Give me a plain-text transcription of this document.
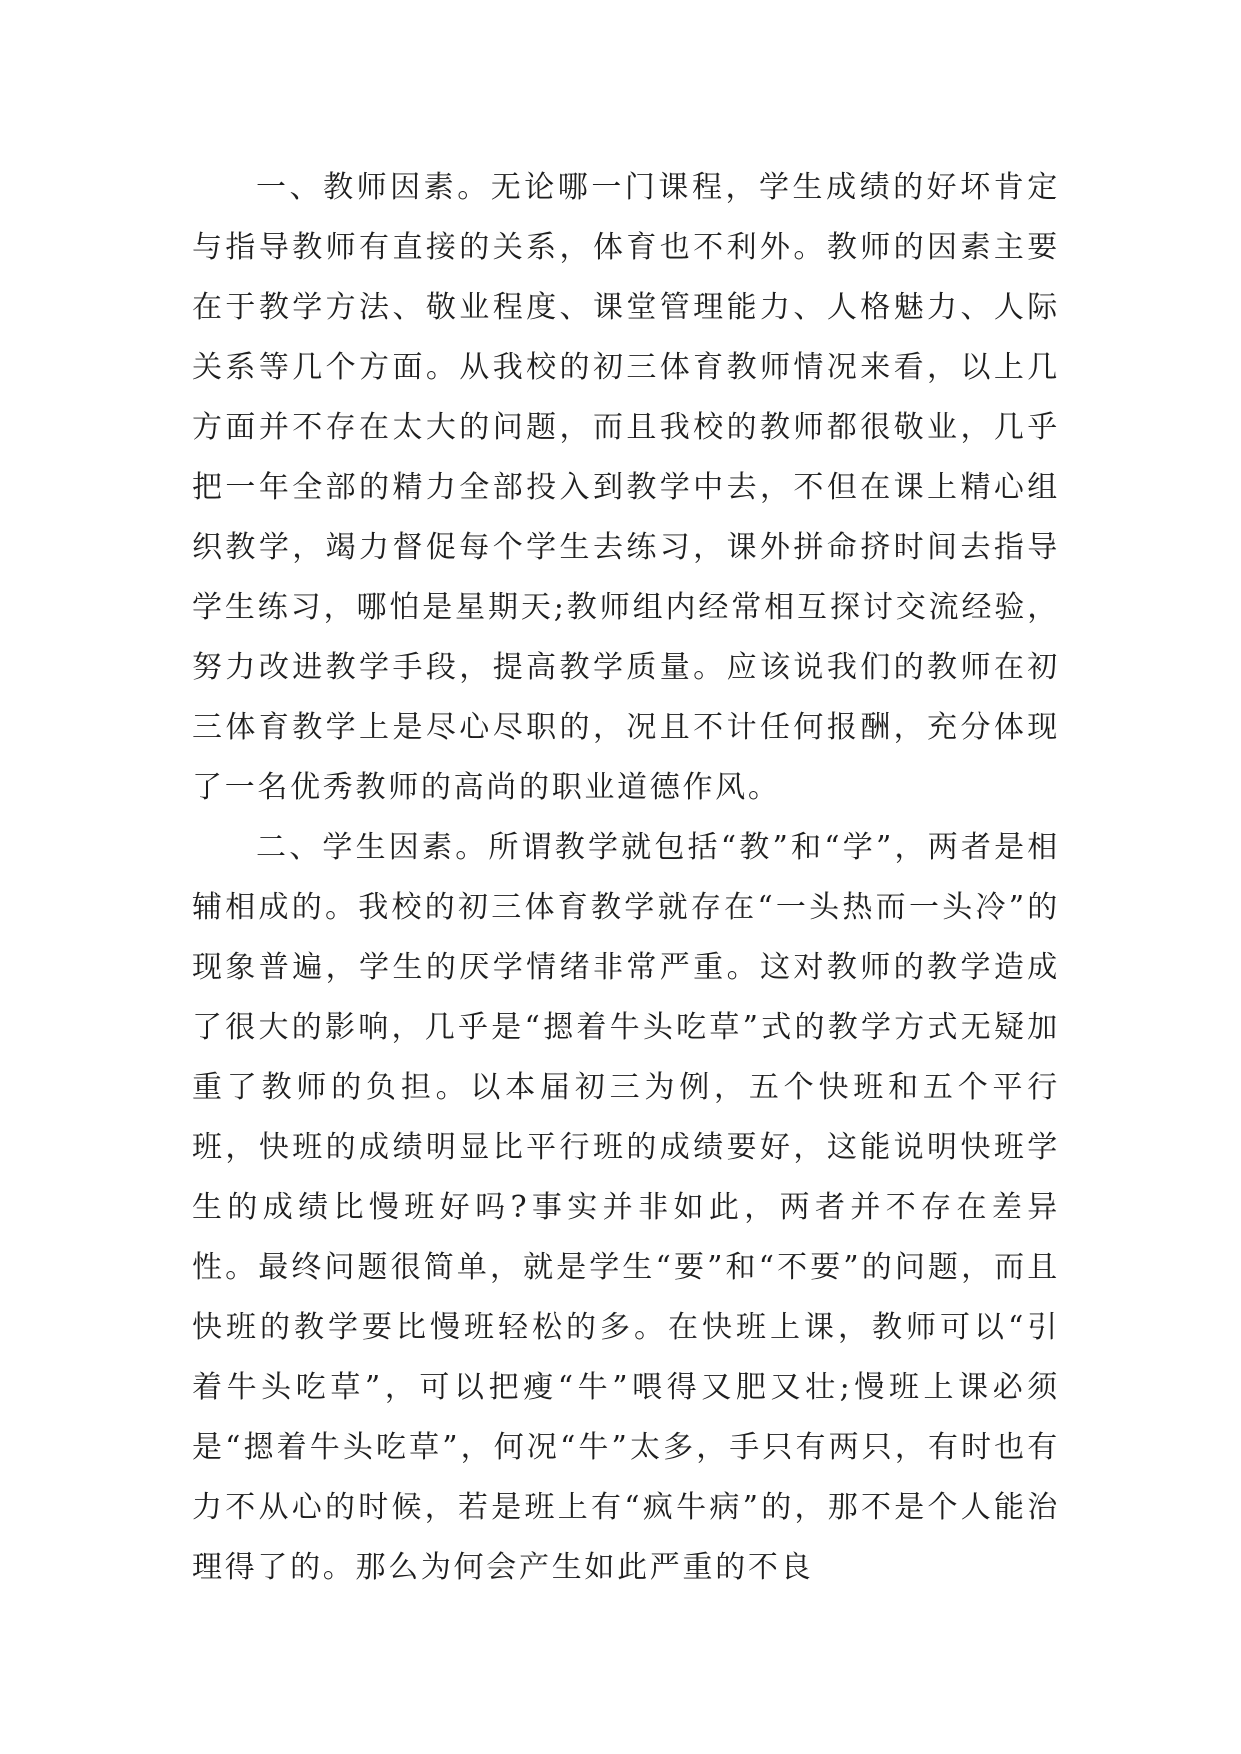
一、教师因素。无论哪一门课程，学生成绩的好坏肯定与指导教师有直接的关系，体育也不利外。教师的因素主要在于教学方法、敬业程度、课堂管理能力、人格魅力、人际关系等几个方面。从我校的初三体育教师情况来看，以上几方面并不存在太大的问题，而且我校的教师都很敬业，几乎把一年全部的精力全部投入到教学中去，不但在课上精心组织教学，竭力督促每个学生去练习，课外拼命挤时间去指导学生练习，哪怕是星期天;教师组内经常相互探讨交流经验，努力改进教学手段，提高教学质量。应该说我们的教师在初三体育教学上是尽心尽职的，况且不计任何报酬，充分体现了一名优秀教师的高尚的职业道德作风。

二、学生因素。所谓教学就包括“教”和“学”，两者是相辅相成的。我校的初三体育教学就存在“一头热而一头冷”的现象普遍，学生的厌学情绪非常严重。这对教师的教学造成了很大的影响，几乎是“摁着牛头吃草”式的教学方式无疑加重了教师的负担。以本届初三为例，五个快班和五个平行班，快班的成绩明显比平行班的成绩要好，这能说明快班学生的成绩比慢班好吗?事实并非如此，两者并不存在差异性。最终问题很简单，就是学生“要”和“不要”的问题，而且快班的教学要比慢班轻松的多。在快班上课，教师可以“引着牛头吃草”，可以把瘦“牛”喂得又肥又壮;慢班上课必须是“摁着牛头吃草”，何况“牛”太多，手只有两只，有时也有力不从心的时候，若是班上有“疯牛病”的，那不是个人能治理得了的。那么为何会产生如此严重的不良
